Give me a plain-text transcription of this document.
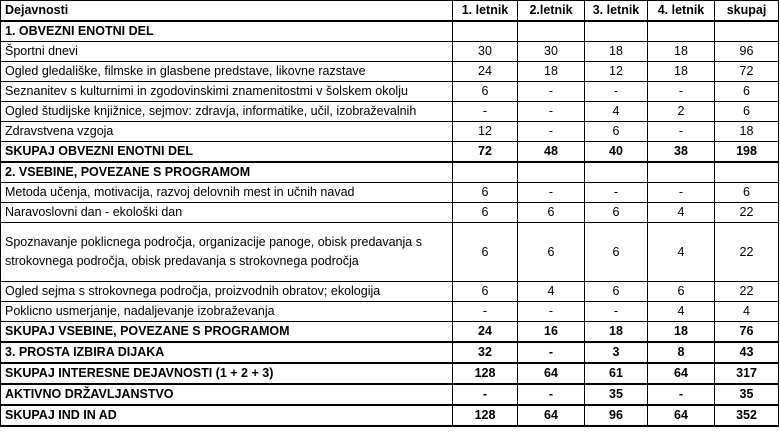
Dejavnosti	1. letnik	2.letnik	3. letnik	4. letnik	skupaj
1. OBVEZNI ENOTNI DEL					
Športni dnevi	30	30	18	18	96
Ogled gledališke, filmske in glasbene predstave, likovne razstave	24	18	12	18	72
Seznanitev s kulturnimi in zgodovinskimi znamenitostmi v šolskem okolju	6	-	-	-	6
Ogled študijske knjižnice, sejmov: zdravja, informatike, učil, izobraževalnih	-	-	4	2	6
Zdravstvena vzgoja	12	-	6	-	18
SKUPAJ OBVEZNI ENOTNI DEL	72	48	40	38	198
2. VSEBINE, POVEZANE S PROGRAMOM					
Metoda učenja, motivacija, razvoj delovnih mest in učnih navad	6	-	-	-	6
Naravoslovni dan - ekološki dan	6	6	6	4	22
Spoznavanje poklicnega področja, organizacije panoge, obisk predavanja s strokovnega področja, obisk predavanja s strokovnega področja	6	6	6	4	22
Ogled sejma s strokovnega področja, proizvodnih obratov; ekologija	6	4	6	6	22
Poklicno usmerjanje, nadaljevanje izobraževanja	-	-	-	4	4
SKUPAJ VSEBINE, POVEZANE S PROGRAMOM	24	16	18	18	76
3. PROSTA IZBIRA DIJAKA	32	-	3	8	43
SKUPAJ INTERESNE DEJAVNOSTI (1 + 2 + 3)	128	64	61	64	317
AKTIVNO DRŽAVLJANSTVO	-	-	35	-	35
SKUPAJ IND IN AD	128	64	96	64	352
